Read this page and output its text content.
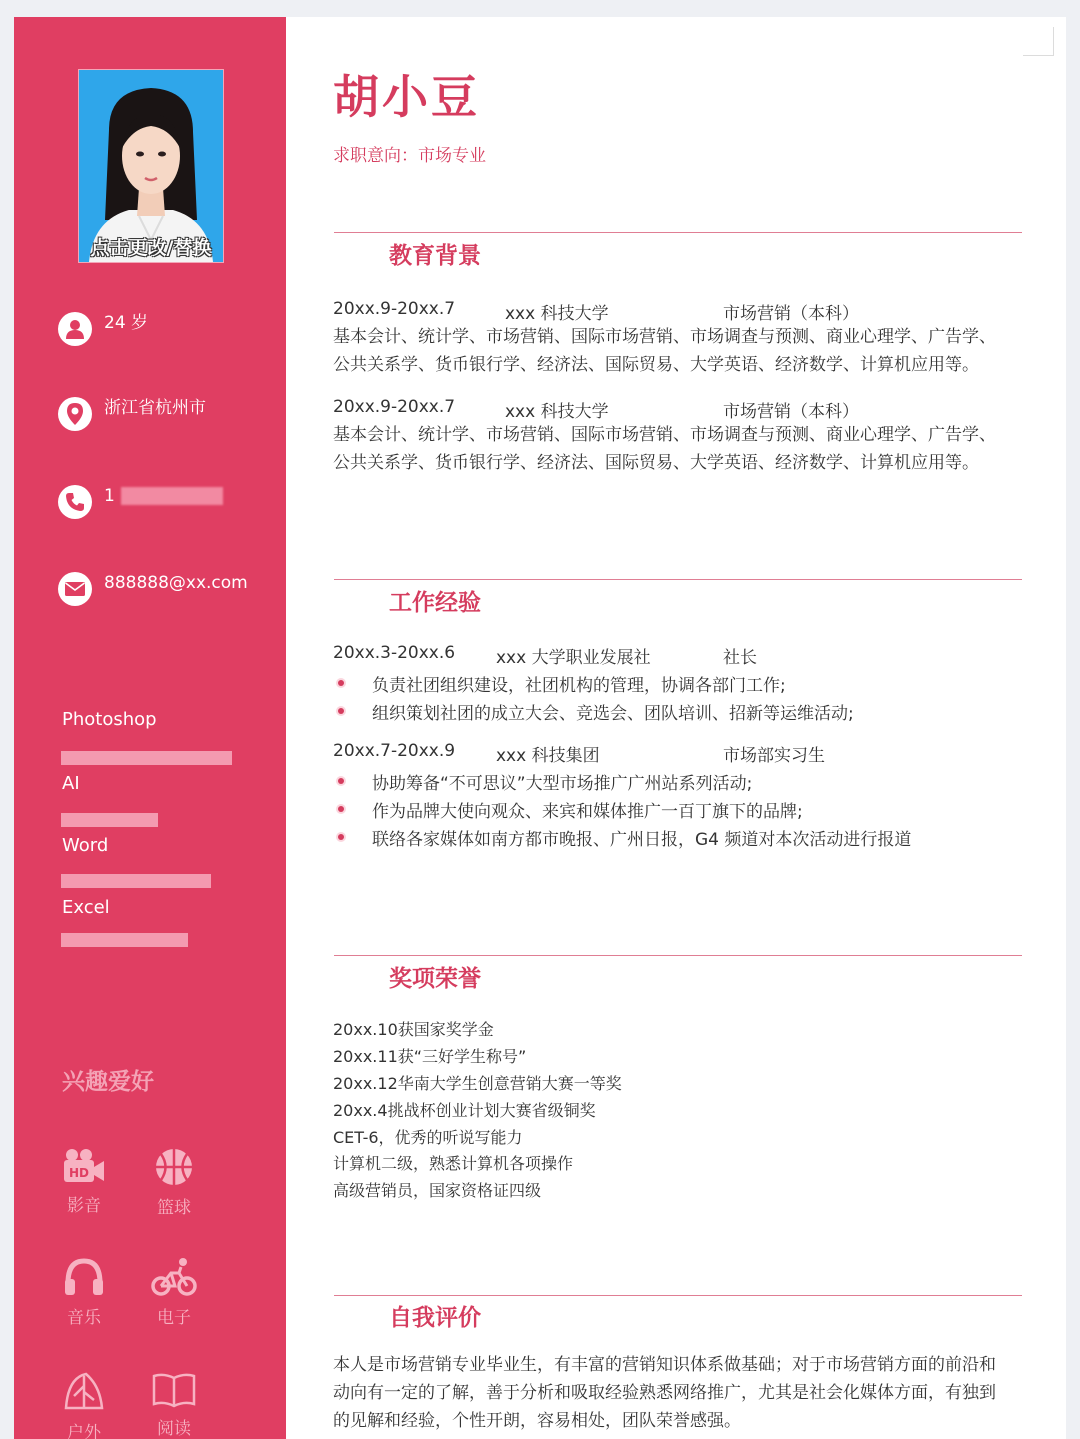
点击更改/替换
24 岁
浙江省杭州市
1
888888@xx.com
Photoshop
AI
Word
Excel
兴趣爱好
HD
影音	篮球
音乐	电子
户外	阅读
胡小豆
求职意向：市场专业
教育背景
20xx.9-20xx.7	xxx 科技大学	市场营销（本科）
基本会计、统计学、市场营销、国际市场营销、市场调查与预测、商业心理学、广告学、
公共关系学、货币银行学、经济法、国际贸易、大学英语、经济数学、计算机应用等。
20xx.9-20xx.7	xxx 科技大学	市场营销（本科）
基本会计、统计学、市场营销、国际市场营销、市场调查与预测、商业心理学、广告学、
公共关系学、货币银行学、经济法、国际贸易、大学英语、经济数学、计算机应用等。
工作经验
20xx.3-20xx.6 xxx 大学职业发展社	社长
负责社团组织建设，社团机构的管理，协调各部门工作;
组织策划社团的成立大会、竞选会、团队培训、招新等运维活动;
20xx.7-20xx.9 xxx 科技集团	市场部实习生
协助筹备“不可思议”大型市场推广广州站系列活动;
作为品牌大使向观众、来宾和媒体推广一百丁旗下的品牌;
联络各家媒体如南方都市晚报、广州日报，G4 频道对本次活动进行报道
奖项荣誉
20xx.10获国家奖学金
20xx.11获“三好学生称号”
20xx.12华南大学生创意营销大赛一等奖
20xx.4挑战杯创业计划大赛省级铜奖
CET-6，优秀的听说写能力
计算机二级，熟悉计算机各项操作
高级营销员，国家资格证四级
自我评价
本人是市场营销专业毕业生，有丰富的营销知识体系做基础；对于市场营销方面的前沿和
动向有一定的了解，善于分析和吸取经验熟悉网络推广，尤其是社会化媒体方面，有独到
的见解和经验，个性开朗，容易相处，团队荣誉感强。
